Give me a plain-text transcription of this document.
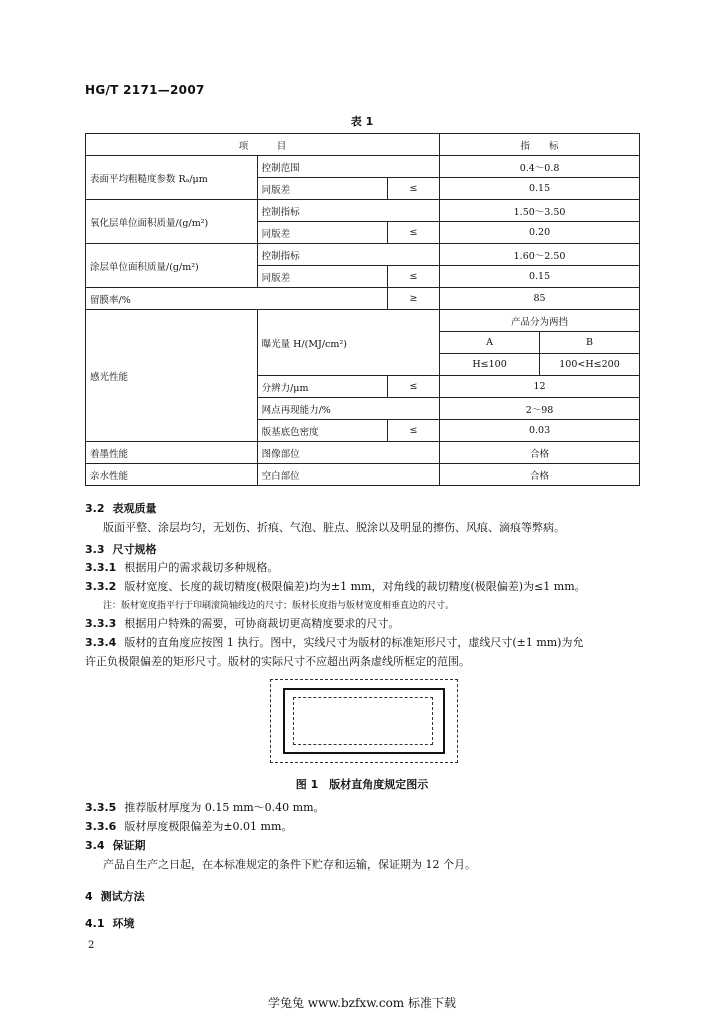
HG/T 2171—2007
表 1
项　　　目			指　　标	
表面平均粗糙度参数 Rₐ/μm	控制范围		0.4～0.8	
	同版差	≤	0.15	
氧化层单位面积质量/(g/m²)	控制指标		1.50～3.50	
	同版差	≤	0.20	
涂层单位面积质量/(g/m²)	控制指标		1.60～2.50	
	同版差	≤	0.15	
留膜率/%		≥	85	
感光性能	曝光量 H/(MJ/cm²)		产品分为两挡	
			A	B
			H≤100	100<H≤200
	分辨力/μm	≤	12	
	网点再现能力/%		2～98	
	版基底色密度	≤	0.03	
着墨性能	图像部位		合格	
亲水性能	空白部位		合格	
3.2 表观质量
版面平整、涂层均匀，无划伤、折痕、气泡、脏点、脱涂以及明显的擦伤、风痕、滴痕等弊病。
3.3 尺寸规格
3.3.1 根据用户的需求裁切多种规格。
3.3.2 版材宽度、长度的裁切精度(极限偏差)均为±1 mm，对角线的裁切精度(极限偏差)为≤1 mm。
注：版材宽度指平行于印刷滚筒轴线边的尺寸；版材长度指与版材宽度相垂直边的尺寸。
3.3.3 根据用户特殊的需要，可协商裁切更高精度要求的尺寸。
3.3.4 版材的直角度应按图 1 执行。图中，实线尺寸为版材的标准矩形尺寸，虚线尺寸(±1 mm)为允
许正负极限偏差的矩形尺寸。版材的实际尺寸不应超出两条虚线所框定的范围。
图 1　版材直角度规定图示
3.3.5 推荐版材厚度为 0.15 mm～0.40 mm。
3.3.6 版材厚度极限偏差为±0.01 mm。
3.4 保证期
产品自生产之日起，在本标准规定的条件下贮存和运输，保证期为 12 个月。
4 测试方法
4.1 环境
2
学兔兔 www.bzfxw.com 标准下载
